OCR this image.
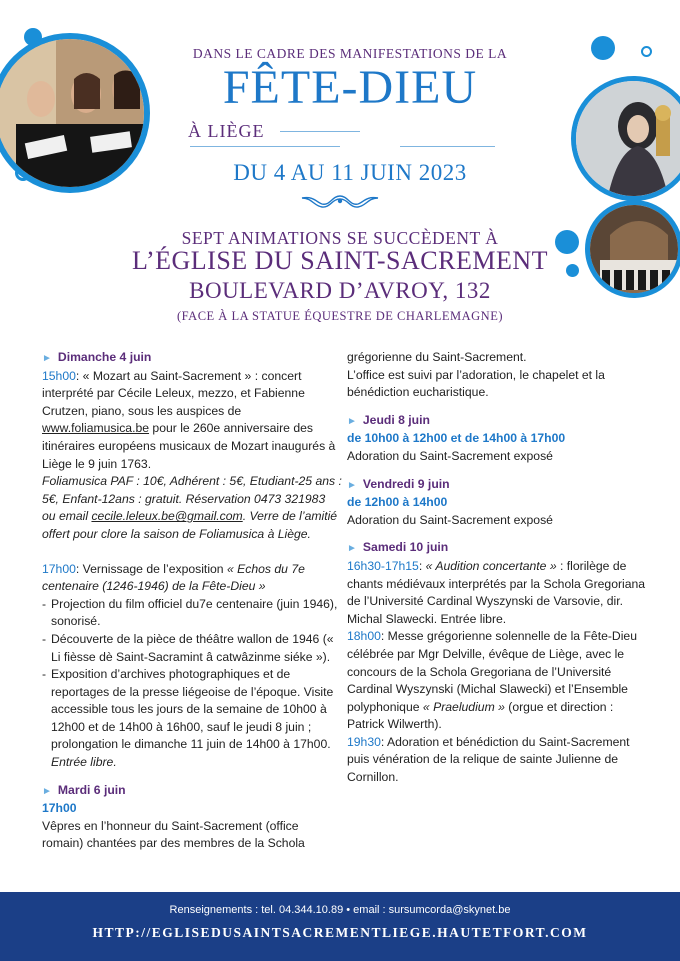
DANS LE CADRE DES MANIFESTATIONS DE LA
FÊTE-DIEU
À LIÈGE
DU 4 AU 11 JUIN 2023
SEPT ANIMATIONS SE SUCCÈDENT À
L’ÉGLISE DU SAINT-SACREMENT
BOULEVARD D’AVROY, 132
(FACE À LA STATUE ÉQUESTRE DE CHARLEMAGNE)
► Dimanche 4 juin
15h00: « Mozart au Saint-Sacrement » : concert interprété par Cécile Leleux, mezzo, et Fabienne Crutzen, piano, sous les auspices de www.foliamusica.be pour le 260e anniversaire des itinéraires européens musicaux de Mozart inaugurés à Liège le 9 juin 1763.
Foliamusica PAF : 10€, Adhérent : 5€, Etudiant-25 ans : 5€, Enfant-12ans : gratuit. Réservation 0473 321983 ou email cecile.leleux.be@gmail.com. Verre de l’amitié offert pour clore la saison de Foliamusica à Liège.
17h00: Vernissage de l’exposition « Echos du 7e centenaire (1246-1946) de la Fête-Dieu »
- Projection du film officiel du7e centenaire (juin 1946), sonorisé.
- Découverte de la pièce de théâtre wallon de 1946 (« Li fièsse dè Saint-Sacramint â catwâzinme siéke »).
- Exposition d’archives photographiques et de reportages de la presse liégeoise de l’époque. Visite accessible tous les jours de la semaine de 10h00 à 12h00 et de 14h00 à 16h00, sauf le jeudi 8 juin ; prolongation le dimanche 11 juin de 14h00 à 17h00.
Entrée libre.
► Mardi 6 juin
17h00
Vêpres en l’honneur du Saint-Sacrement (office romain) chantées par des membres de la Schola
grégorienne du Saint-Sacrement.
L’office est suivi par l’adoration, le chapelet et la bénédiction eucharistique.
► Jeudi 8 juin
de 10h00 à 12h00 et de 14h00 à 17h00
Adoration du Saint-Sacrement exposé
► Vendredi 9 juin
de 12h00 à 14h00
Adoration du Saint-Sacrement exposé
► Samedi 10 juin
16h30-17h15: « Audition concertante » : florilège de chants médiévaux interprétés par la Schola Gregoriana de l’Université Cardinal Wyszynski de Varsovie, dir. Michal Slawecki. Entrée libre.
18h00: Messe grégorienne solennelle de la Fête-Dieu célébrée par Mgr Delville, évêque de Liège, avec le concours de la Schola Gregoriana de l’Université Cardinal Wyszynski (Michal Slawecki) et l’Ensemble polyphonique « Praeludium » (orgue et direction : Patrick Wilwerth).
19h30: Adoration et bénédiction du Saint-Sacrement puis vénération de la relique de sainte Julienne de Cornillon.
Renseignements : tel. 04.344.10.89 • email : sursumcorda@skynet.be
HTTP://EGLISEDUSAINTSACREMENTLIEGE.HAUTETFORT.COM
